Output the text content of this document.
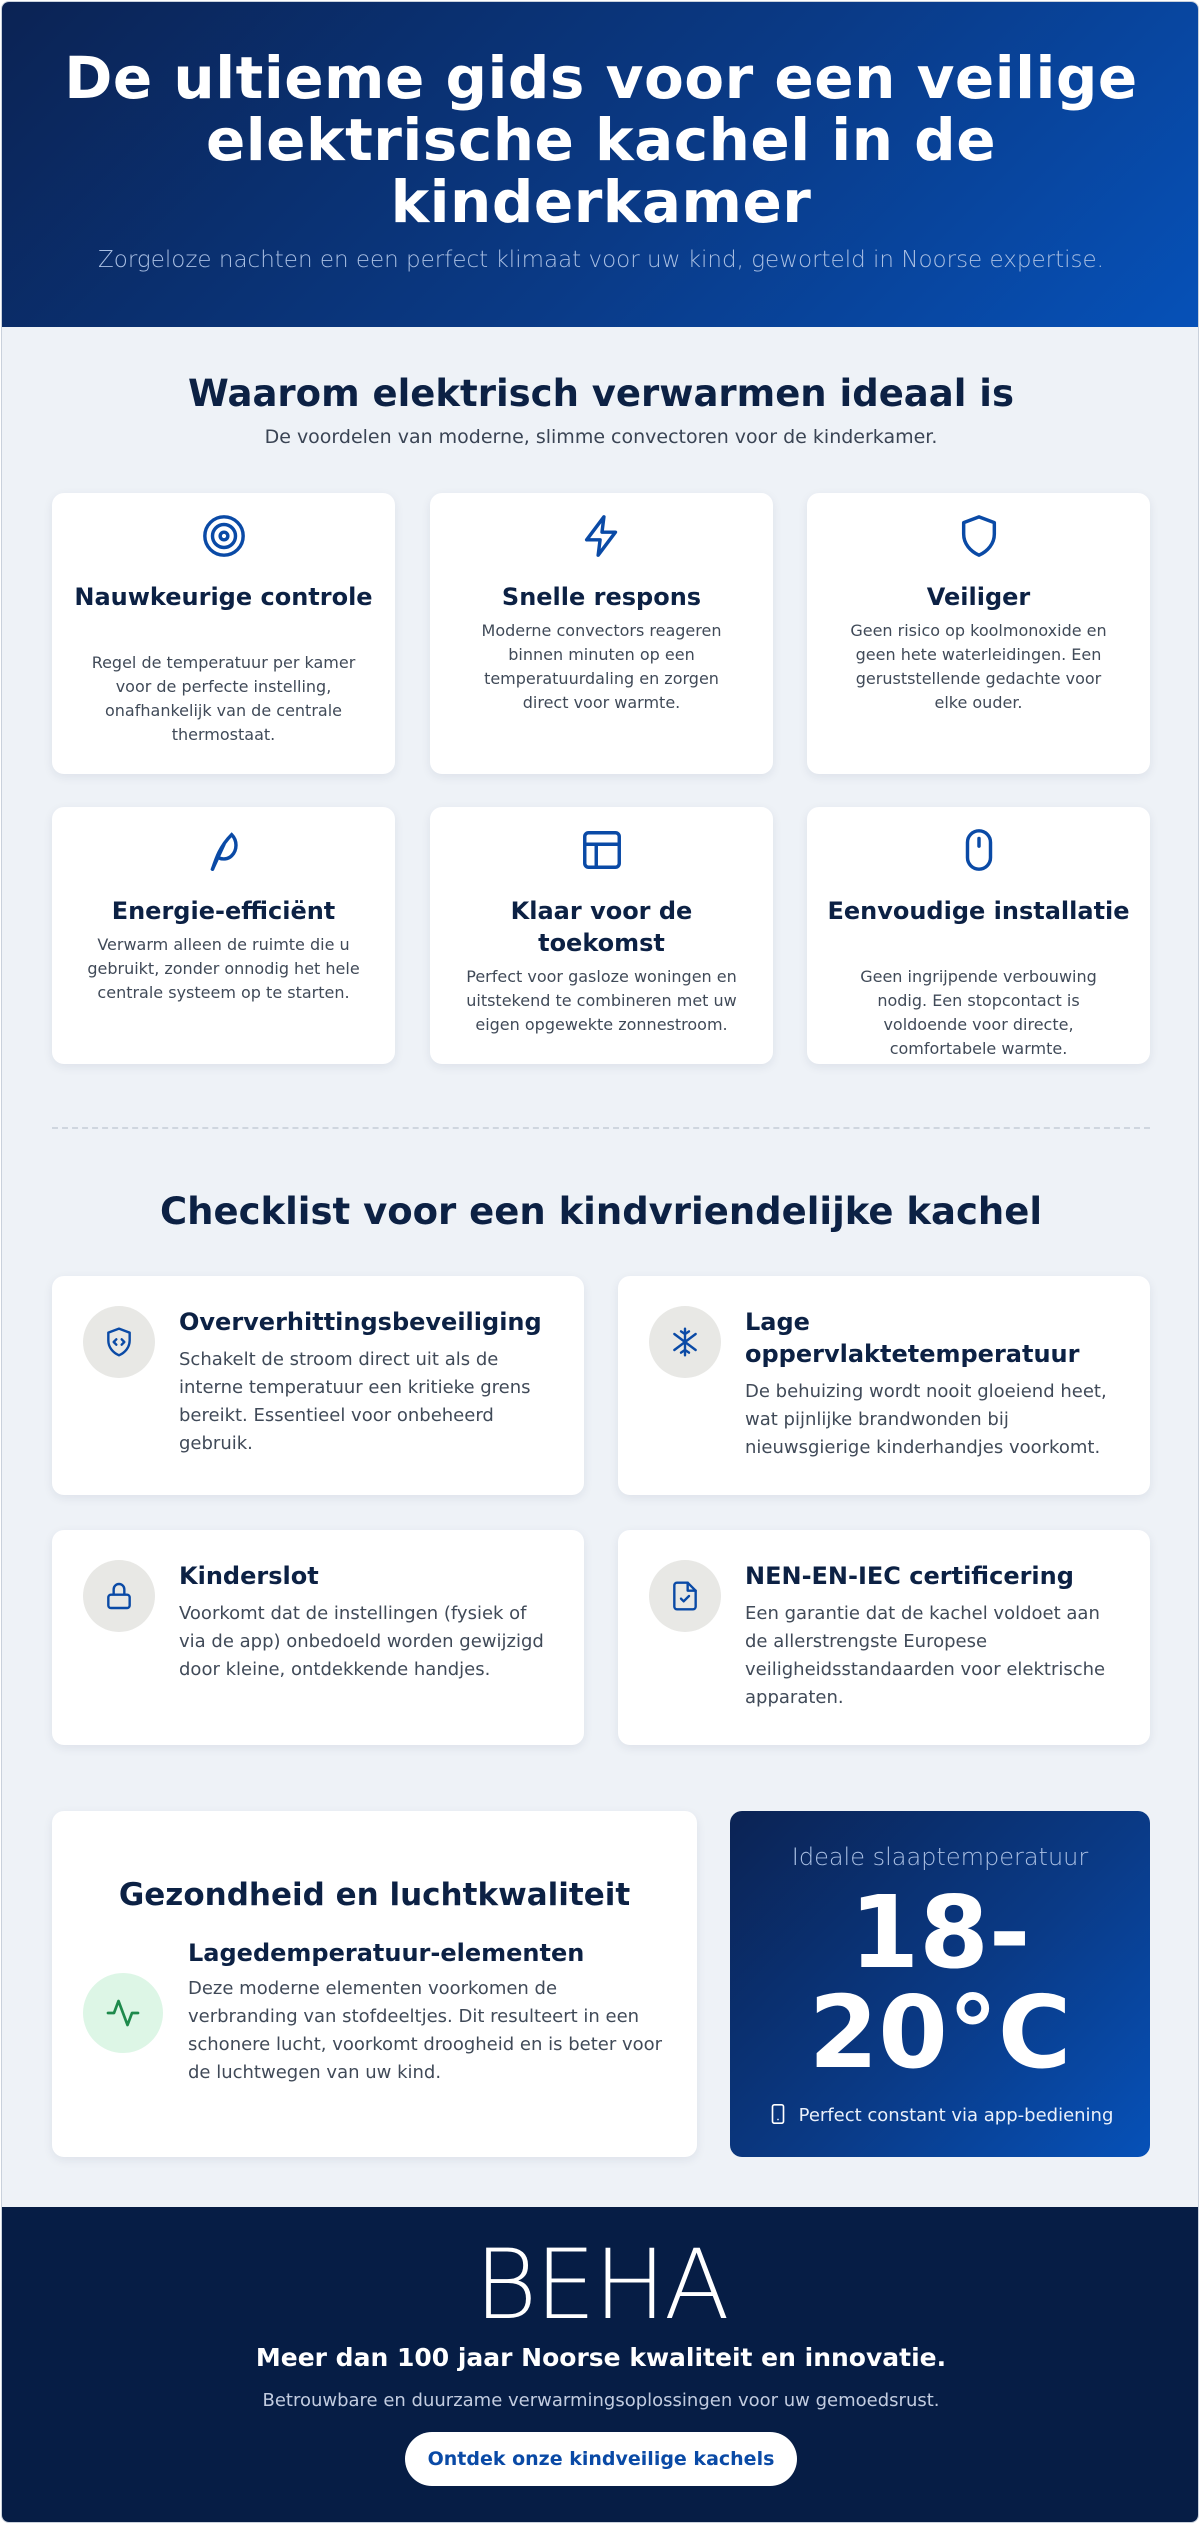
De ultieme gids voor een veilige elektrische kachel in de kinderkamer

Zorgeloze nachten en een perfect klimaat voor uw kind, geworteld in Noorse expertise.

Waarom elektrisch verwarmen ideaal is
De voordelen van moderne, slimme convectoren voor de kinderkamer.
Nauwkeurige controle

Regel de temperatuur per kamer voor de perfecte instelling, onafhankelijk van de centrale thermostaat.

Snelle respons

Moderne convectors reageren binnen minuten op een temperatuurdaling en zorgen direct voor warmte.

Veiliger

Geen risico op koolmonoxide en geen hete waterleidingen. Een geruststellende gedachte voor elke ouder.

Energie-efficiënt

Verwarm alleen de ruimte die u gebruikt, zonder onnodig het hele centrale systeem op te starten.

Klaar voor de toekomst

Perfect voor gasloze woningen en uitstekend te combineren met uw eigen opgewekte zonnestroom.

Eenvoudige installatie

Geen ingrijpende verbouwing nodig. Een stopcontact is voldoende voor directe, comfortabele warmte.

Checklist voor een kindvriendelijke kachel
Oververhittingsbeveiliging

Schakelt de stroom direct uit als de interne temperatuur een kritieke grens bereikt. Essentieel voor onbeheerd gebruik.

Lage oppervlaktetemperatuur

De behuizing wordt nooit gloeiend heet, wat pijnlijke brandwonden bij nieuwsgierige kinderhandjes voorkomt.

Kinderslot

Voorkomt dat de instellingen (fysiek of via de app) onbedoeld worden gewijzigd door kleine, ontdekkende handjes.

NEN-EN-IEC certificering

Een garantie dat de kachel voldoet aan de allerstrengste Europese veiligheidsstandaarden voor elektrische apparaten.

Gezondheid en luchtkwaliteit
Lagedemperatuur-elementen

Deze moderne elementen voorkomen de verbranding van stofdeeltjes. Dit resulteert in een schonere lucht, voorkomt droogheid en is beter voor de luchtwegen van uw kind.

Ideale slaaptemperatuur
18-
20°C
Perfect constant via app-bediening
BEHA
Meer dan 100 jaar Noorse kwaliteit en innovatie.
Betrouwbare en duurzame verwarmingsoplossingen voor uw gemoedsrust.
Ontdek onze kindveilige kachels
